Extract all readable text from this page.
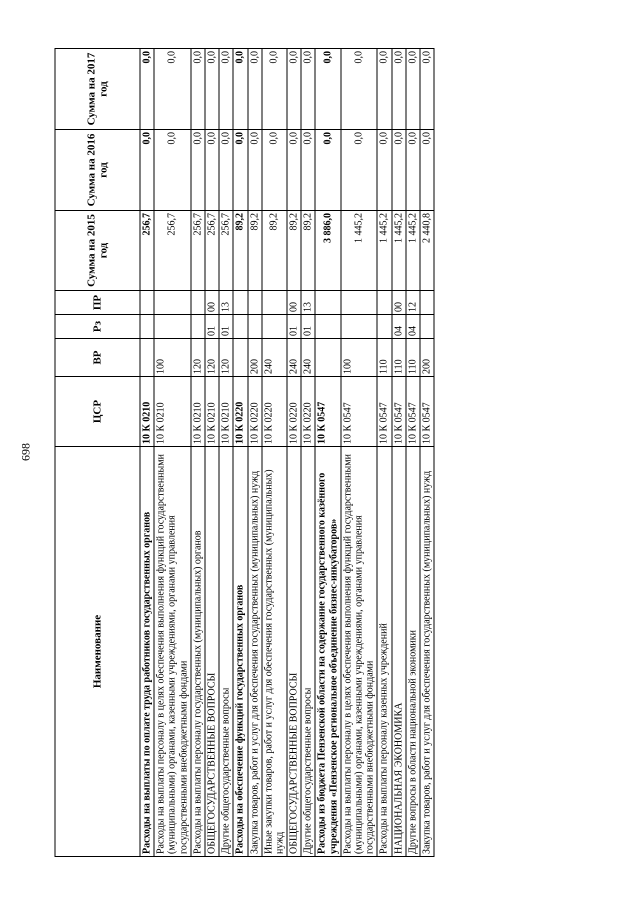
698
Наименование	ЦСР	ВР	Рз	ПР	Сумма на 2015 год	Сумма на 2016 год	Сумма на 2017 год
Расходы на выплаты по оплате труда работников государственных органов	10 К 0210				256,7	0,0	0,0
Расходы на выплаты персоналу в целях обеспечения выполнения функций государственными (муниципальными) органами, казенными учреждениями, органами управления государственными внебюджетными фондами	10 К 0210	100			256,7	0,0	0,0
Расходы на выплаты персоналу государственных (муниципальных) органов	10 К 0210	120			256,7	0,0	0,0
ОБЩЕГОСУДАРСТВЕННЫЕ ВОПРОСЫ	10 К 0210	120	01	00	256,7	0,0	0,0
Другие общегосударственные вопросы	10 К 0210	120	01	13	256,7	0,0	0,0
Расходы на обеспечение функций государственных органов	10 К 0220				89,2	0,0	0,0
Закупка товаров, работ и услуг для обеспечения государственных (муниципальных) нужд	10 К 0220	200			89,2	0,0	0,0
Иные закупки товаров, работ и услуг для обеспечения государственных (муниципальных) нужд	10 К 0220	240			89,2	0,0	0,0
ОБЩЕГОСУДАРСТВЕННЫЕ ВОПРОСЫ	10 К 0220	240	01	00	89,2	0,0	0,0
Другие общегосударственные вопросы	10 К 0220	240	01	13	89,2	0,0	0,0
Расходы из бюджета Пензенской области на содержание государственного казённого учреждения «Пензенское региональное объединение бизнес-инкубаторов»	10 К 0547				3 886,0	0,0	0,0
Расходы на выплаты персоналу в целях обеспечения выполнения функций государственными (муниципальными) органами, казенными учреждениями, органами управления государственными внебюджетными фондами	10 К 0547	100			1 445,2	0,0	0,0
Расходы на выплаты персоналу казенных учреждений	10 К 0547	110			1 445,2	0,0	0,0
НАЦИОНАЛЬНАЯ ЭКОНОМИКА	10 К 0547	110	04	00	1 445,2	0,0	0,0
Другие вопросы в области национальной экономики	10 К 0547	110	04	12	1 445,2	0,0	0,0
Закупка товаров, работ и услуг для обеспечения государственных (муниципальных) нужд	10 К 0547	200			2 440,8	0,0	0,0
